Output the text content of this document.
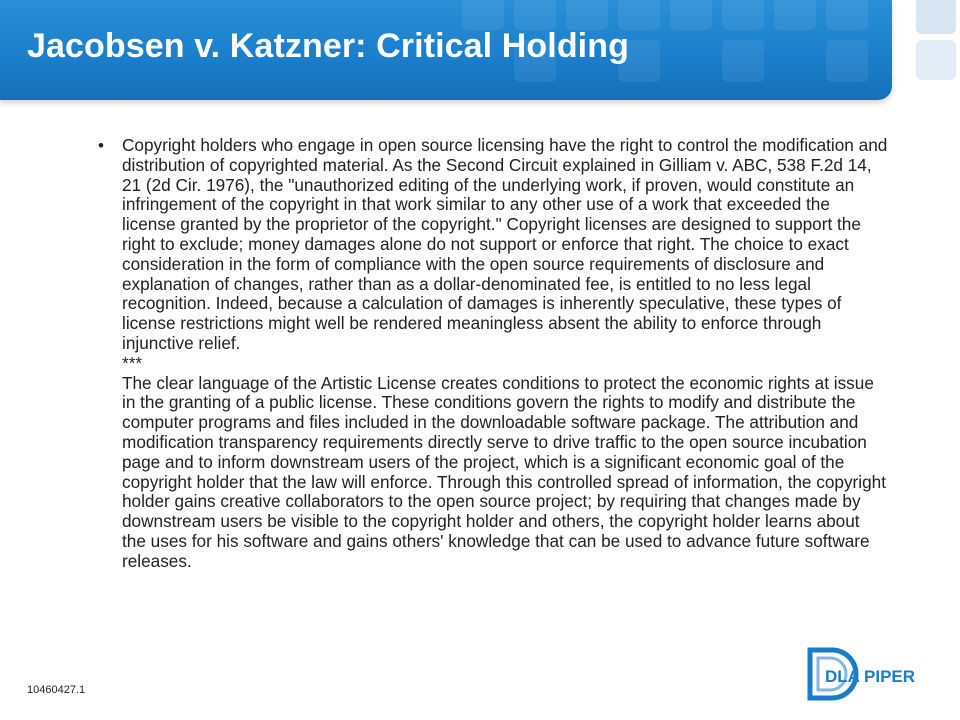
Jacobsen v. Katzner: Critical Holding
•	Copyright holders who engage in open source licensing have the right to control the modification and distribution of copyrighted material. As the Second Circuit explained in Gilliam v. ABC, 538 F.2d 14, 21 (2d Cir. 1976), the "unauthorized editing of the underlying work, if proven, would constitute an infringement of the copyright in that work similar to any other use of a work that exceeded the license granted by the proprietor of the copyright." Copyright licenses are designed to support the right to exclude; money damages alone do not support or enforce that right. The choice to exact consideration in the form of compliance with the open source requirements of disclosure and explanation of changes, rather than as a dollar-denominated fee, is entitled to no less legal recognition. Indeed, because a calculation of damages is inherently speculative, these types of license restrictions might well be rendered meaningless absent the ability to enforce through injunctive relief.

***

The clear language of the Artistic License creates conditions to protect the economic rights at issue in the granting of a public license. These conditions govern the rights to modify and distribute the computer programs and files included in the downloadable software package. The attribution and modification transparency requirements directly serve to drive traffic to the open source incubation page and to inform downstream users of the project, which is a significant economic goal of the copyright holder that the law will enforce. Through this controlled spread of information, the copyright holder gains creative collaborators to the open source project; by requiring that changes made by downstream users be visible to the copyright holder and others, the copyright holder learns about the uses for his software and gains others' knowledge that can be used to advance future software releases.

10460427.1
DLA PIPER
